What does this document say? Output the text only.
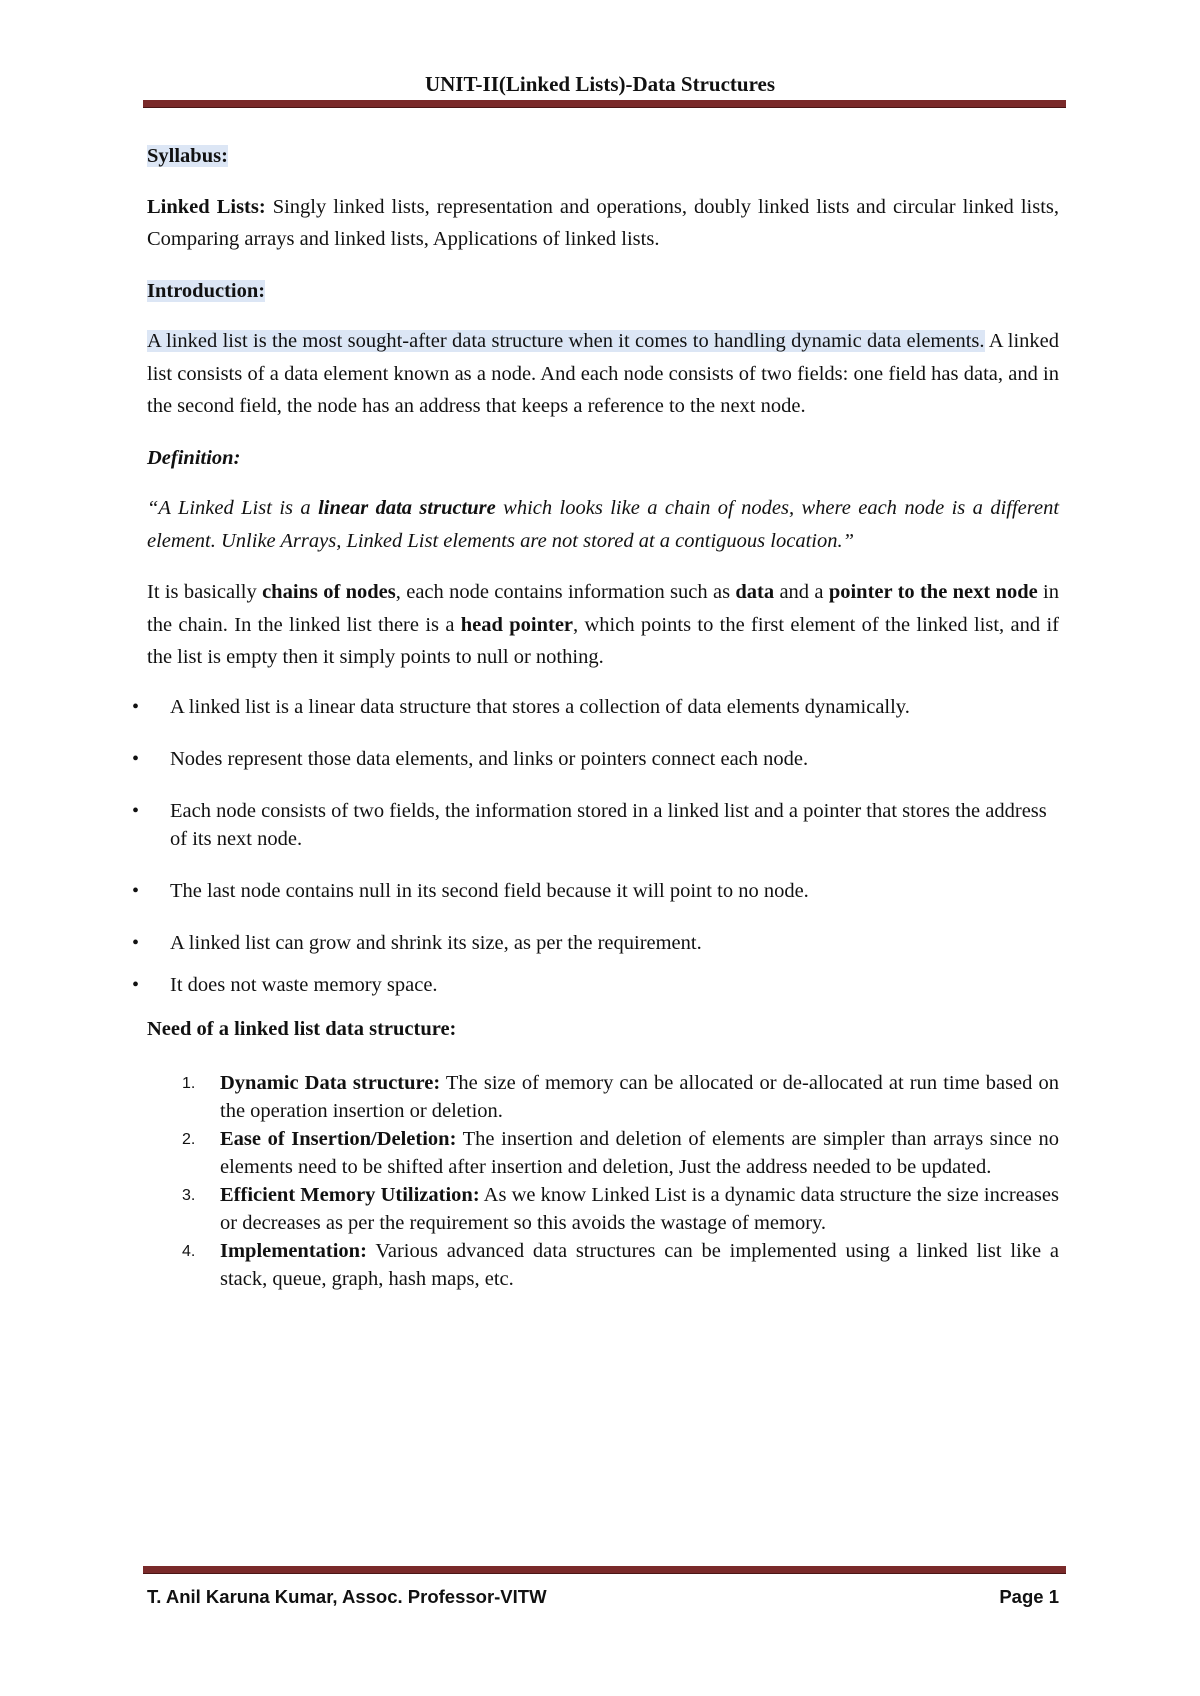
UNIT-II(Linked Lists)-Data Structures

Syllabus:

Linked Lists: Singly linked lists, representation and operations, doubly linked lists and circular linked lists, Comparing arrays and linked lists, Applications of linked lists.

Introduction:

A linked list is the most sought-after data structure when it comes to handling dynamic data elements. A linked list consists of a data element known as a node. And each node consists of two fields: one field has data, and in the second field, the node has an address that keeps a reference to the next node.

Definition:

“A Linked List is a linear data structure which looks like a chain of nodes, where each node is a different element. Unlike Arrays, Linked List elements are not stored at a contiguous location.”

It is basically chains of nodes, each node contains information such as data and a pointer to the next node in the chain. In the linked list there is a head pointer, which points to the first element of the linked list, and if the list is empty then it simply points to null or nothing.

• A linked list is a linear data structure that stores a collection of data elements dynamically.
• Nodes represent those data elements, and links or pointers connect each node.
• Each node consists of two fields, the information stored in a linked list and a pointer that stores the address of its next node.
• The last node contains null in its second field because it will point to no node.
• A linked list can grow and shrink its size, as per the requirement.
• It does not waste memory space.

Need of a linked list data structure:

1. Dynamic Data structure: The size of memory can be allocated or de-allocated at run time based on the operation insertion or deletion.
2. Ease of Insertion/Deletion: The insertion and deletion of elements are simpler than arrays since no elements need to be shifted after insertion and deletion, Just the address needed to be updated.
3. Efficient Memory Utilization: As we know Linked List is a dynamic data structure the size increases or decreases as per the requirement so this avoids the wastage of memory.
4. Implementation: Various advanced data structures can be implemented using a linked list like a stack, queue, graph, hash maps, etc.
T. Anil Karuna Kumar, Assoc. Professor-VITW	Page 1
